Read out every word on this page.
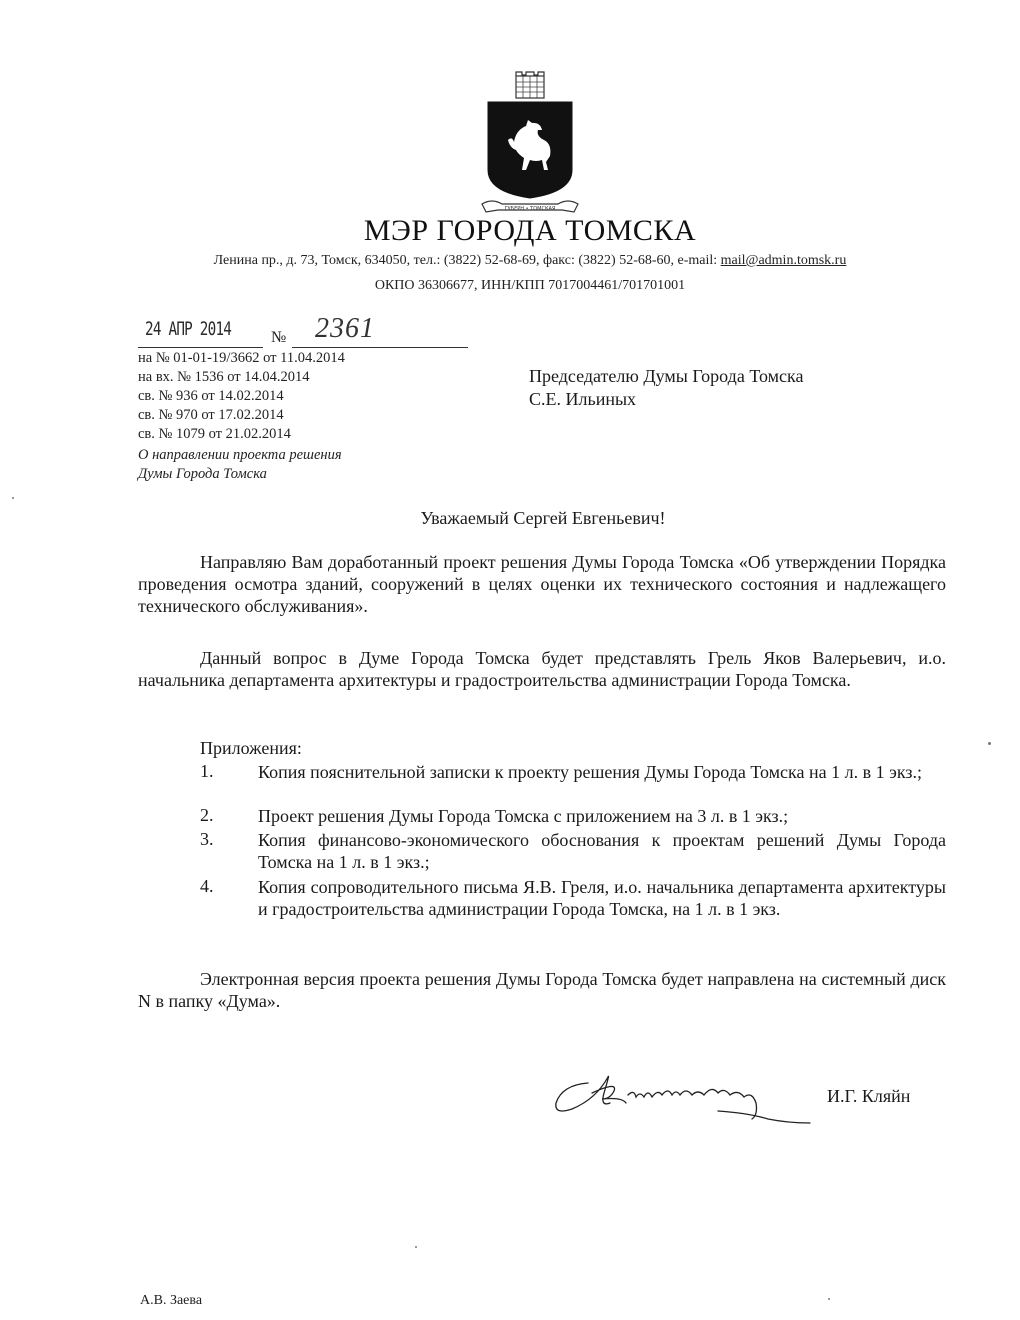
ГУБЕРН • ТОМСКАЯ
МЭР ГОРОДА ТОМСКА
Ленина пр., д. 73, Томск, 634050, тел.: (3822) 52-68-69, факс: (3822) 52-68-60, e-mail: mail@admin.tomsk.ru
ОКПО 36306677, ИНН/КПП 7017004461/701701001
24 АПР 2014 № 2361
на № 01-01-19/3662 от 11.04.2014
на вх. № 1536 от 14.04.2014
св. № 936 от 14.02.2014
св. № 970 от 17.02.2014
св. № 1079 от 21.02.2014
О направлении проекта решения
Думы Города Томска
Председателю Думы Города Томска
С.Е. Ильиных
Уважаемый Сергей Евгеньевич!
Направляю Вам доработанный проект решения Думы Города Томска «Об утверждении Порядка проведения осмотра зданий, сооружений в целях оценки их технического состояния и надлежащего технического обслуживания».
Данный вопрос в Думе Города Томска будет представлять Грель Яков Валерьевич, и.о. начальника департамента архитектуры и градостроительства администрации Города Томска.
Приложения:
1. Копия пояснительной записки к проекту решения Думы Города Томска на 1 л. в 1 экз.;
2. Проект решения Думы Города Томска с приложением на 3 л. в 1 экз.;
3. Копия финансово-экономического обоснования к проектам решений Думы Города Томска на 1 л. в 1 экз.;
4. Копия сопроводительного письма Я.В. Греля, и.о. начальника департамента архитектуры и градостроительства администрации Города Томска, на 1 л. в 1 экз.
Электронная версия проекта решения Думы Города Томска будет направлена на системный диск N в папку «Дума».
И.Г. Кляйн
А.В. Заева
